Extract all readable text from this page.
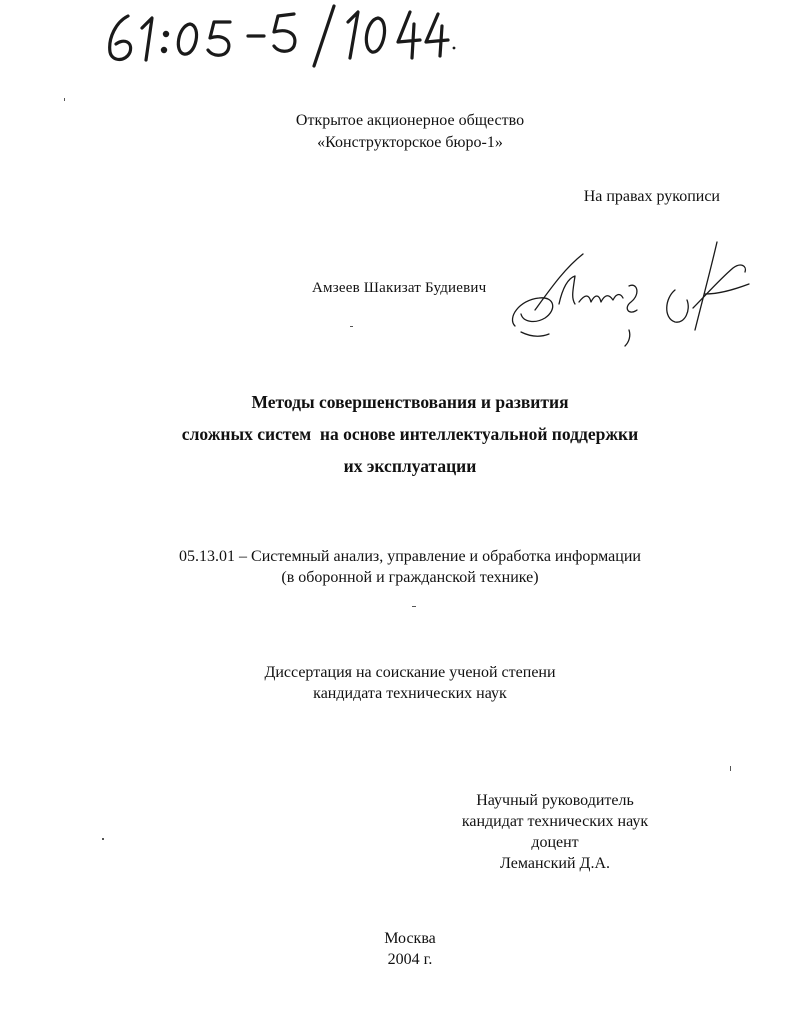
Открытое акционерное общество
«Конструкторское бюро-1»
На правах рукописи
Амзеев Шакизат Будиевич
Методы совершенствования и развития
сложных систем  на основе интеллектуальной поддержки
их эксплуатации
05.13.01 – Системный анализ, управление и обработка информации
(в оборонной и гражданской технике)
Диссертация на соискание ученой степени
кандидата технических наук
Научный руководитель
кандидат технических наук
доцент
Леманский Д.А.
Москва
2004 г.
